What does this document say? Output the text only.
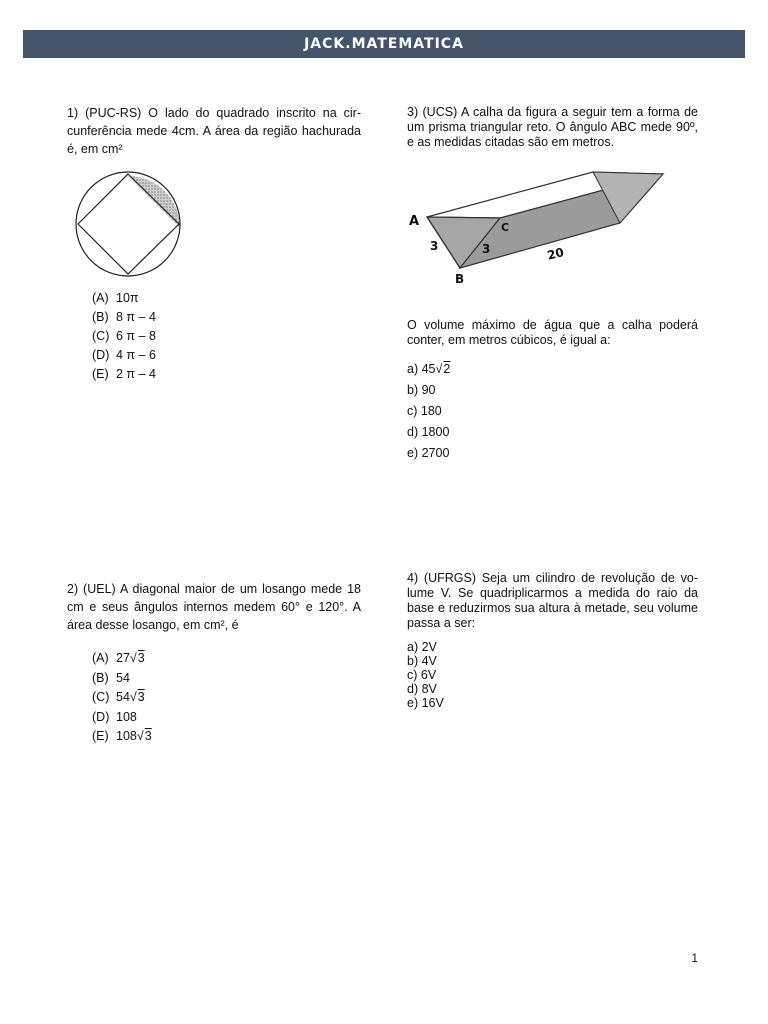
JACK.MATEMATICA

1) (PUC-RS) O lado do quadrado inscrito na circunferência mede 4cm. A área da região hachurada é, em cm²

(A) 10π
(B) 8 π – 4
(C) 6 π – 8
(D) 4 π – 6
(E) 2 π – 4

2) (UEL) A diagonal maior de um losango mede 18 cm e seus ângulos internos medem 60° e 120°. A área desse losango, em cm², é

(A) 27√3
(B) 54
(C) 54√3
(D) 108
(E) 108√3

3) (UCS) A calha da figura a seguir tem a forma de um prisma triangular reto. O ângulo ABC mede 90º, e as medidas citadas são em metros.

A
B
C
3	3	20

O volume máximo de água que a calha poderá conter, em metros cúbicos, é igual a:

a) 45√2
b) 90
c) 180
d) 1800
e) 2700

4) (UFRGS) Seja um cilindro de revolução de volume V. Se quadriplicarmos a medida do raio da base e reduzirmos sua altura à metade, seu volume passa a ser:

a) 2V
b) 4V
c) 6V
d) 8V
e) 16V
1
